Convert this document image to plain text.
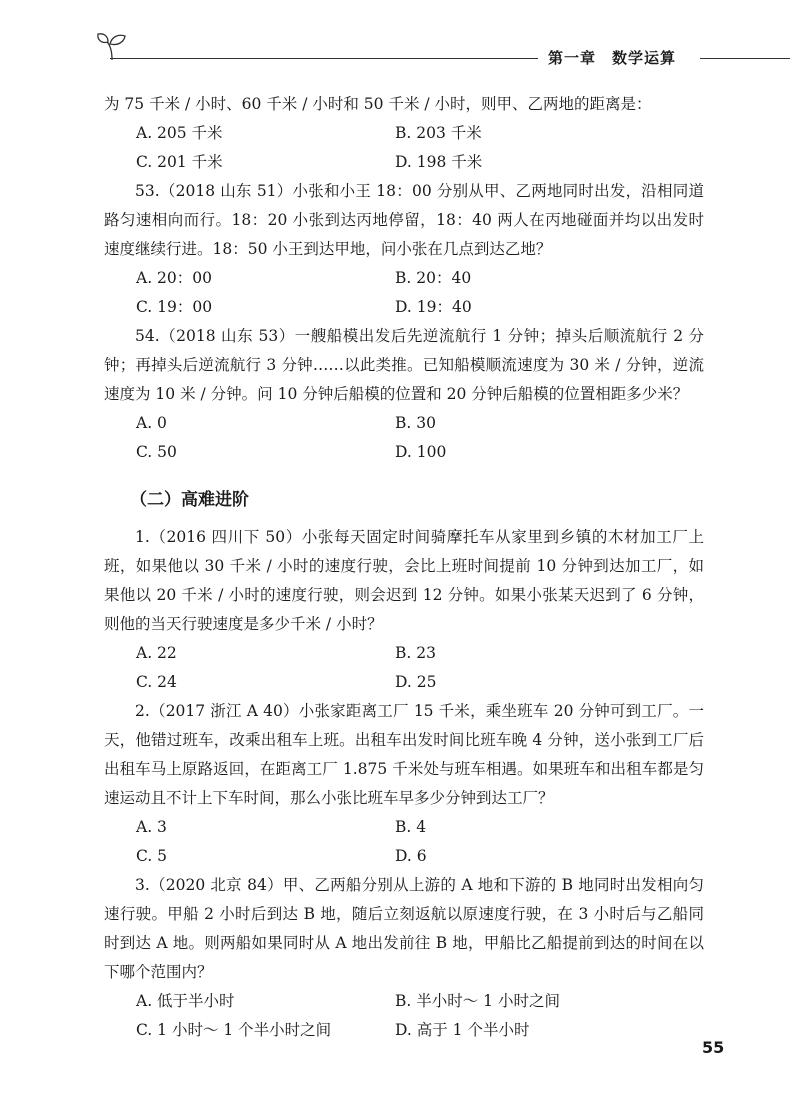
第一章　数学运算

为 75 千米 / 小时、60 千米 / 小时和 50 千米 / 小时，则甲、乙两地的距离是：

A. 205 千米	B. 203 千米
C. 201 千米	D. 198 千米

53.（2018 山东 51）小张和小王 18：00 分别从甲、乙两地同时出发，沿相同道路匀速相向而行。18：20 小张到达丙地停留，18：40 两人在丙地碰面并均以出发时速度继续行进。18：50 小王到达甲地，问小张在几点到达乙地？

A. 20：00	B. 20：40
C. 19：00	D. 19：40

54.（2018 山东 53）一艘船模出发后先逆流航行 1 分钟；掉头后顺流航行 2 分钟；再掉头后逆流航行 3 分钟……以此类推。已知船模顺流速度为 30 米 / 分钟，逆流速度为 10 米 / 分钟。问 10 分钟后船模的位置和 20 分钟后船模的位置相距多少米？

A. 0	B. 30
C. 50	D. 100
（二）高难进阶

1.（2016 四川下 50）小张每天固定时间骑摩托车从家里到乡镇的木材加工厂上班，如果他以 30 千米 / 小时的速度行驶，会比上班时间提前 10 分钟到达加工厂，如果他以 20 千米 / 小时的速度行驶，则会迟到 12 分钟。如果小张某天迟到了 6 分钟，则他的当天行驶速度是多少千米 / 小时？

A. 22	B. 23
C. 24	D. 25

2.（2017 浙江 A 40）小张家距离工厂 15 千米，乘坐班车 20 分钟可到工厂。一天，他错过班车，改乘出租车上班。出租车出发时间比班车晚 4 分钟，送小张到工厂后出租车马上原路返回，在距离工厂 1.875 千米处与班车相遇。如果班车和出租车都是匀速运动且不计上下车时间，那么小张比班车早多少分钟到达工厂？

A. 3	B. 4
C. 5	D. 6

3.（2020 北京 84）甲、乙两船分别从上游的 A 地和下游的 B 地同时出发相向匀速行驶。甲船 2 小时后到达 B 地，随后立刻返航以原速度行驶，在 3 小时后与乙船同时到达 A 地。则两船如果同时从 A 地出发前往 B 地，甲船比乙船提前到达的时间在以下哪个范围内？

A. 低于半小时	B. 半小时～ 1 小时之间
C. 1 小时～ 1 个半小时之间	D. 高于 1 个半小时
55
